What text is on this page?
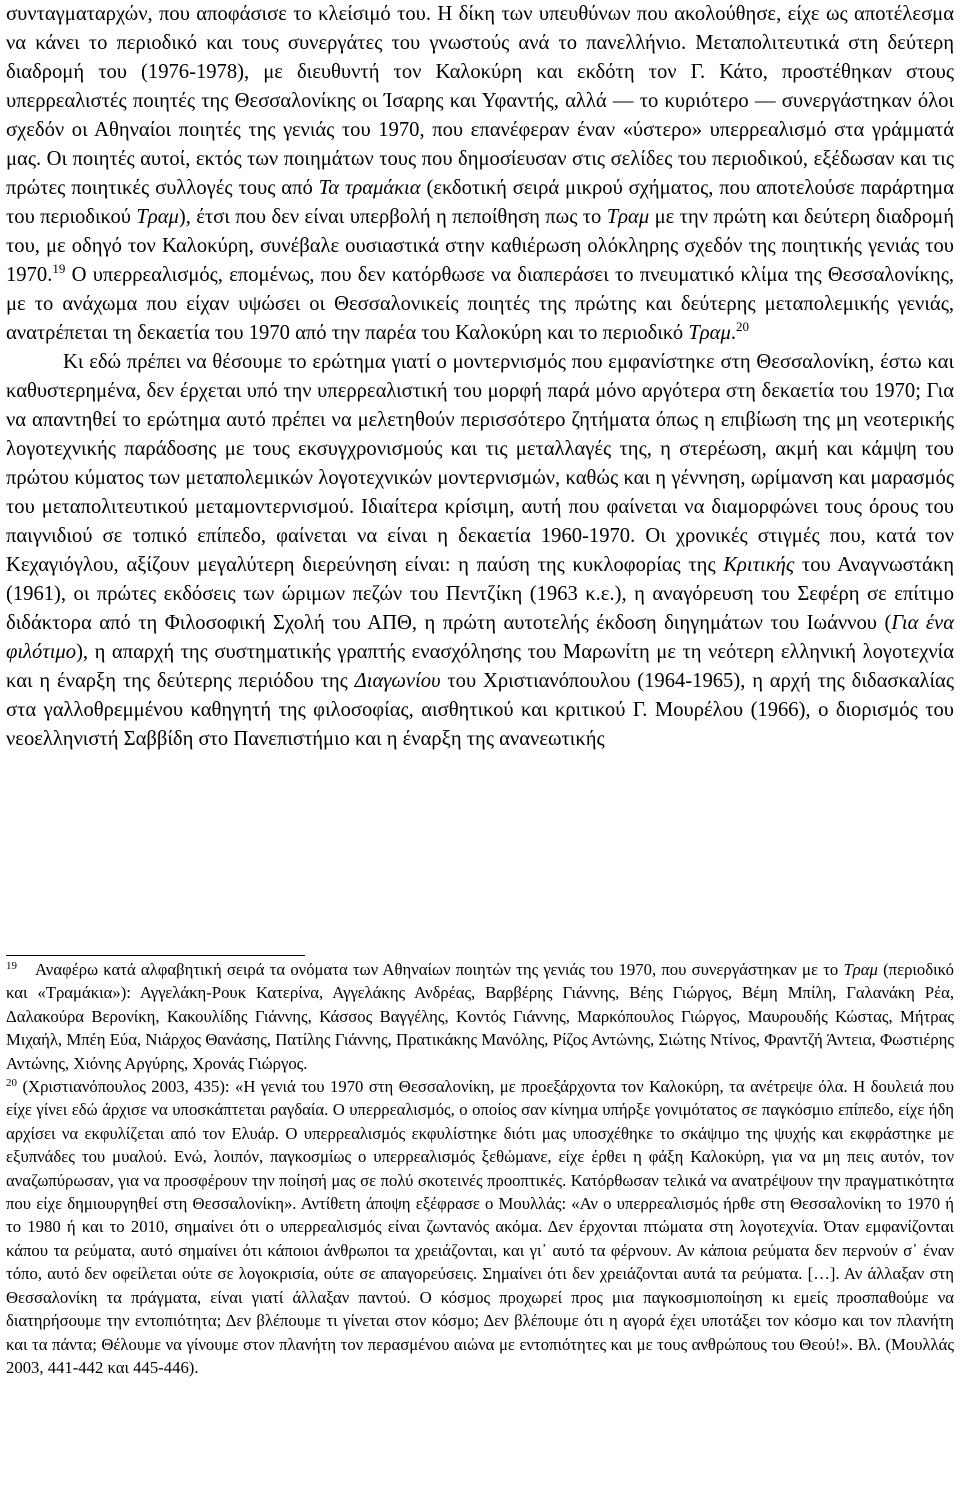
συνταγματαρχών, που αποφάσισε το κλείσιμό του. Η δίκη των υπευθύνων που ακολούθησε, είχε ως αποτέλεσμα να κάνει το περιοδικό και τους συνεργάτες του γνωστούς ανά το πανελλήνιο. Μεταπολιτευτικά στη δεύτερη διαδρομή του (1976-1978), με διευθυντή τον Καλοκύρη και εκδότη τον Γ. Κάτο, προστέθηκαν στους υπερρεαλιστές ποιητές της Θεσσαλονίκης οι Ίσαρης και Υφαντής, αλλά — το κυριότερο — συνεργάστηκαν όλοι σχεδόν οι Αθηναίοι ποιητές της γενιάς του 1970, που επανέφεραν έναν «ύστερο» υπερρεαλισμό στα γράμματά μας. Οι ποιητές αυτοί, εκτός των ποιημάτων τους που δημοσίευσαν στις σελίδες του περιοδικού, εξέδωσαν και τις πρώτες ποιητικές συλλογές τους από Τα τραμάκια (εκδοτική σειρά μικρού σχήματος, που αποτελούσε παράρτημα του περιοδικού Τραμ), έτσι που δεν είναι υπερβολή η πεποίθηση πως το Τραμ με την πρώτη και δεύτερη διαδρομή του, με οδηγό τον Καλοκύρη, συνέβαλε ουσιαστικά στην καθιέρωση ολόκληρης σχεδόν της ποιητικής γενιάς του 1970.19 Ο υπερρεαλισμός, επομένως, που δεν κατόρθωσε να διαπεράσει το πνευματικό κλίμα της Θεσσαλονίκης, με το ανάχωμα που είχαν υψώσει οι Θεσσαλονικείς ποιητές της πρώτης και δεύτερης μεταπολεμικής γενιάς, ανατρέπεται τη δεκαετία του 1970 από την παρέα του Καλοκύρη και το περιοδικό Τραμ.$^{20}$

Κι εδώ πρέπει να θέσουμε το ερώτημα γιατί ο μοντερνισμός που εμφανίστηκε στη Θεσσαλονίκη, έστω και καθυστερημένα, δεν έρχεται υπό την υπερρεαλιστική του μορφή παρά μόνο αργότερα στη δεκαετία του 1970; Για να απαντηθεί το ερώτημα αυτό πρέπει να μελετηθούν περισσότερο ζητήματα όπως η επιβίωση της μη νεοτερικής λογοτεχνικής παράδοσης με τους εκσυγχρονισμούς και τις μεταλλαγές της, η στερέωση, ακμή και κάμψη του πρώτου κύματος των μεταπολεμικών λογοτεχνικών μοντερνισμών, καθώς και η γέννηση, ωρίμανση και μαρασμός του μεταπολιτευτικού μεταμοντερνισμού. Ιδιαίτερα κρίσιμη, αυτή που φαίνεται να διαμορφώνει τους όρους του παιγνιδιού σε τοπικό επίπεδο, φαίνεται να είναι η δεκαετία 1960-1970. Οι χρονικές στιγμές που, κατά τον Κεχαγιόγλου, αξίζουν μεγαλύτερη διερεύνηση είναι: η παύση της κυκλοφορίας της Κριτικής του Αναγνωστάκη (1961), οι πρώτες εκδόσεις των ώριμων πεζών του Πεντζίκη (1963 κ.ε.), η αναγόρευση του Σεφέρη σε επίτιμο διδάκτορα από τη Φιλοσοφική Σχολή του ΑΠΘ, η πρώτη αυτοτελής έκδοση διηγημάτων του Ιωάννου (Για ένα φιλότιμο), η απαρχή της συστηματικής γραπτής ενασχόλησης του Μαρωνίτη με τη νεότερη ελληνική λογοτεχνία και η έναρξη της δεύτερης περιόδου της Διαγωνίου του Χριστιανόπουλου (1964-1965), η αρχή της διδασκαλίας στα γαλλοθρεμμένου καθηγητή της φιλοσοφίας, αισθητικού και κριτικού Γ. Μουρέλου (1966), ο διορισμός του νεοελληνιστή Σαββίδη στο Πανεπιστήμιο και η έναρξη της ανανεωτικής

$^{19}$ Αναφέρω κατά αλφαβητική σειρά τα ονόματα των Αθηναίων ποιητών της γενιάς του 1970, που συνεργάστηκαν με το Τραμ (περιοδικό και «Τραμάκια»): Αγγελάκη-Ρουκ Κατερίνα, Αγγελάκης Ανδρέας, Βαρβέρης Γιάννης, Βέης Γιώργος, Βέμη Μπίλη, Γαλανάκη Ρέα, Δαλακούρα Βερονίκη, Κακουλίδης Γιάννης, Κάσσος Βαγγέλης, Κοντός Γιάννης, Μαρκόπουλος Γιώργος, Μαυρουδής Κώστας, Μήτρας Μιχαήλ, Μπέη Εύα, Νιάρχος Θανάσης, Πατίλης Γιάννης, Πρατικάκης Μανόλης, Ρίζος Αντώνης, Σιώτης Ντίνος, Φραντζή Άντεια, Φωστιέρης Αντώνης, Χιόνης Αργύρης, Χρονάς Γιώργος.

$^{20}$ (Χριστιανόπουλος 2003, 435): «Η γενιά του 1970 στη Θεσσαλονίκη, με προεξάρχοντα τον Καλοκύρη, τα ανέτρεψε όλα. Η δουλειά που είχε γίνει εδώ άρχισε να υποσκάπτεται ραγδαία. Ο υπερρεαλισμός, ο οποίος σαν κίνημα υπήρξε γονιμότατος σε παγκόσμιο επίπεδο, είχε ήδη αρχίσει να εκφυλίζεται από τον Ελυάρ. Ο υπερρεαλισμός εκφυλίστηκε διότι μας υποσχέθηκε το σκάψιμο της ψυχής και εκφράστηκε με εξυπνάδες του μυαλού. Ενώ, λοιπόν, παγκοσμίως ο υπερρεαλισμός ξεθώμανε, είχε έρθει η φάξη Καλοκύρη, για να μη πεις αυτόν, τον αναζωπύρωσαν, για να προσφέρουν την ποίησή μας σε πολύ σκοτεινές προοπτικές. Κατόρθωσαν τελικά να ανατρέψουν την πραγματικότητα που είχε δημιουργηθεί στη Θεσσαλονίκη». Αντίθετη άποψη εξέφρασε ο Μουλλάς: «Αν ο υπερρεαλισμός ήρθε στη Θεσσαλονίκη το 1970 ή το 1980 ή και το 2010, σημαίνει ότι ο υπερρεαλισμός είναι ζωντανός ακόμα. Δεν έρχονται πτώματα στη λογοτεχνία. Όταν εμφανίζονται κάπου τα ρεύματα, αυτό σημαίνει ότι κάποιοι άνθρωποι τα χρειάζονται, και γι᾽ αυτό τα φέρνουν. Αν κάποια ρεύματα δεν περνούν σ᾽ έναν τόπο, αυτό δεν οφείλεται ούτε σε λογοκρισία, ούτε σε απαγορεύσεις. Σημαίνει ότι δεν χρειάζονται αυτά τα ρεύματα. […]. Αν άλλαξαν στη Θεσσαλονίκη τα πράγματα, είναι γιατί άλλαξαν παντού. Ο κόσμος προχωρεί προς μια παγκοσμιοποίηση κι εμείς προσπαθούμε να διατηρήσουμε την εντοπιότητα; Δεν βλέπουμε τι γίνεται στον κόσμο; Δεν βλέπουμε ότι η αγορά έχει υποτάξει τον κόσμο και τον πλανήτη και τα πάντα; Θέλουμε να γίνουμε στον πλανήτη τον περασμένου αιώνα με εντοπιότητες και με τους ανθρώπους του Θεού!». Βλ. (Μουλλάς 2003, 441-442 και 445-446).
